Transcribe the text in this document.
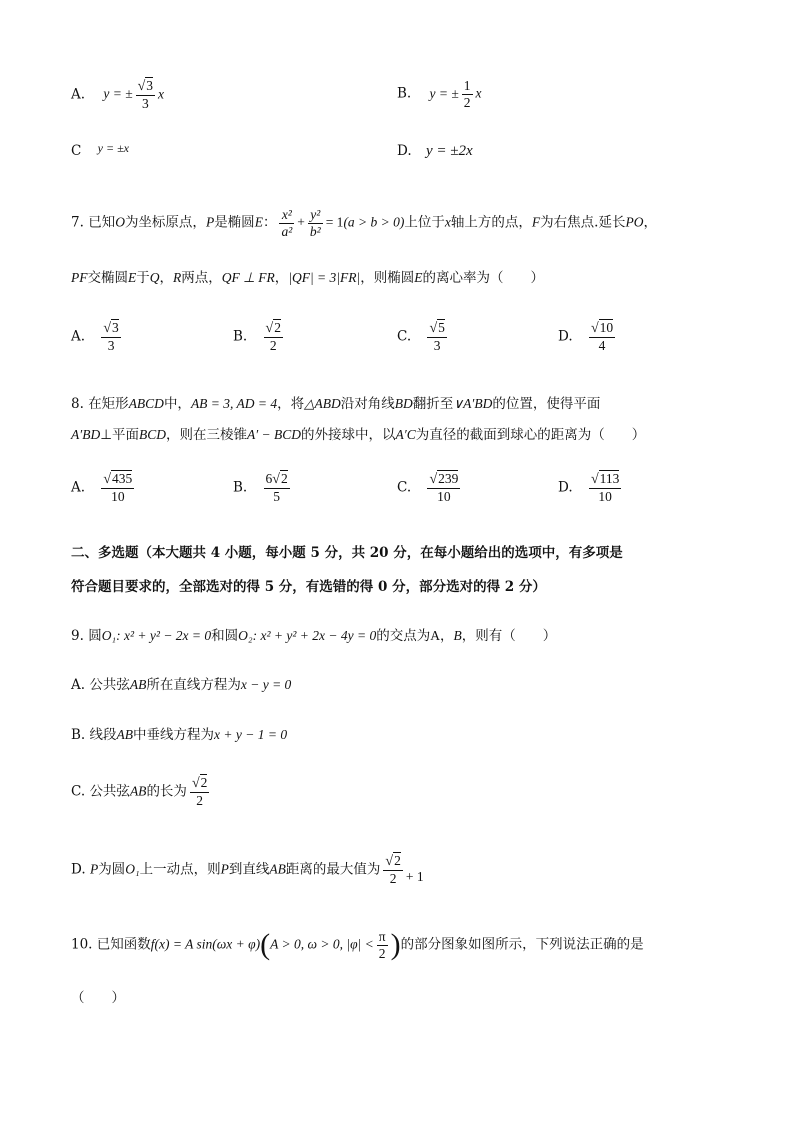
A. y = ± $\frac{√3}{3}$ x	B. y = ± $\frac{1}{2}$ x
C y = ±x	D. y = ±2x
7. 已知O为坐标原点，P是椭圆E： $\frac{\text{x²}}{\text{a²}} + \frac{\text{y²}}{\text{b²}} = 1(a > b > 0)$上位于x轴上方的点，F为右焦点.延长PO，
PF交椭圆E于Q，R两点，QF ⊥ FR，|QF| = 3|FR|，则椭圆E的离心率为（　　）
A. $\frac{√3}{3}$	B. $\frac{√2}{2}$	C. $\frac{√5}{3}$	D. $\frac{√10}{4}$
8. 在矩形ABCD中，AB = 3, AD = 4，将△ABD沿对角线BD翻折至∨A′BD的位置，使得平面
A′BD⊥平面BCD，则在三棱锥A′ − BCD的外接球中，以A′C为直径的截面到球心的距离为（　　）
A. $\frac{√435}{10}$	B. $\frac{6√2}{5}$	C. $\frac{√239}{10}$	D. $\frac{√113}{10}$
二、多选题（本大题共 4 小题，每小题 5 分，共 20 分，在每小题给出的选项中，有多项是
符合题目要求的，全部选对的得 5 分，有选错的得 0 分，部分选对的得 2 分）
9. 圆O₁: x² + y² − 2x = 0和圆O₂: x² + y² + 2x − 4y = 0的交点为A，B，则有（　　）
A. 公共弦AB所在直线方程为x − y = 0
B. 线段AB中垂线方程为x + y − 1 = 0
C. 公共弦AB的长为 $\frac{√2}{2}$
D. P为圆O₁上一动点，则P到直线AB距离的最大值为 $\frac{√2}{2} + 1$
10. 已知函数f(x) = A sin(ωx + φ)(A > 0, ω > 0, $|\varphi| < \frac{\pi}{2}$ )的部分图象如图所示，下列说法正确的是
（　　）
